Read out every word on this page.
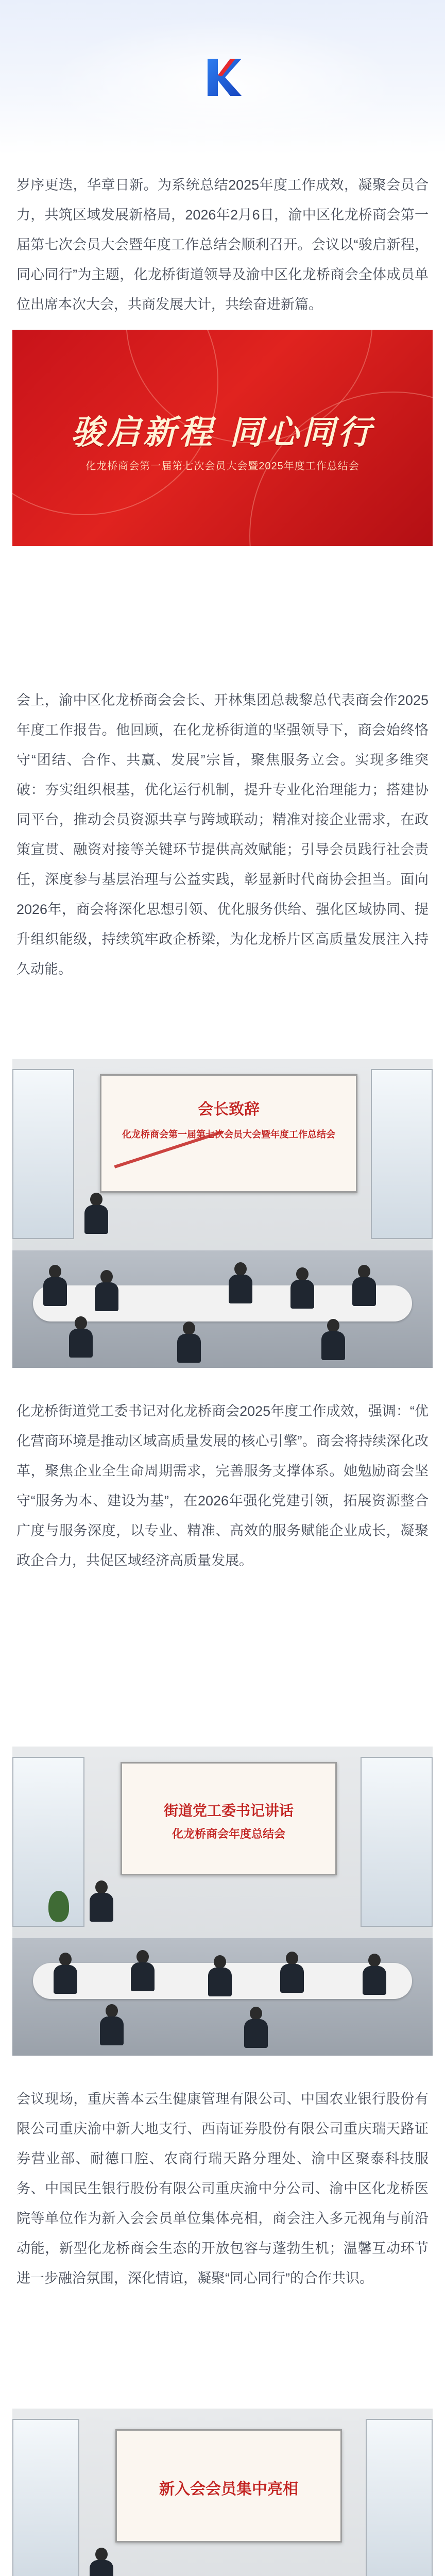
岁序更迭，华章日新。为系统总结2025年度工作成效，凝聚会员合力，共筑区域发展新格局，2026年2月6日，渝中区化龙桥商会第一届第七次会员大会暨年度工作总结会顺利召开。会议以“骏启新程，同心同行”为主题，化龙桥街道领导及渝中区化龙桥商会全体成员单位出席本次大会，共商发展大计，共绘奋进新篇。

骏启新程 同心同行
化龙桥商会第一届第七次会员大会暨2025年度工作总结会

会上，渝中区化龙桥商会会长、开林集团总裁黎总代表商会作2025年度工作报告。他回顾，在化龙桥街道的坚强领导下，商会始终恪守“团结、合作、共赢、发展”宗旨，聚焦服务立会。实现多维突破：夯实组织根基，优化运行机制，提升专业化治理能力；搭建协同平台，推动会员资源共享与跨域联动；精准对接企业需求，在政策宣贯、融资对接等关键环节提供高效赋能；引导会员践行社会责任，深度参与基层治理与公益实践，彰显新时代商协会担当。面向2026年，商会将深化思想引领、优化服务供给、强化区域协同、提升组织能级，持续筑牢政企桥梁，为化龙桥片区高质量发展注入持久动能。

会长致辞
化龙桥商会第一届第七次会员大会暨年度工作总结会

化龙桥街道党工委书记对化龙桥商会2025年度工作成效，强调：“优化营商环境是推动区域高质量发展的核心引擎”。商会将持续深化改革，聚焦企业全生命周期需求，完善服务支撑体系。她勉励商会坚守“服务为本、建设为基”，在2026年强化党建引领，拓展资源整合广度与服务深度，以专业、精准、高效的服务赋能企业成长，凝聚政企合力，共促区域经济高质量发展。

街道党工委书记讲话
化龙桥商会年度总结会

会议现场，重庆善本云生健康管理有限公司、中国农业银行股份有限公司重庆渝中新大地支行、西南证券股份有限公司重庆瑞天路证券营业部、耐德口腔、农商行瑞天路分理处、渝中区聚泰科技服务、中国民生银行股份有限公司重庆渝中分公司、渝中区化龙桥医院等单位作为新入会会员单位集体亮相，商会注入多元视角与前沿动能，新型化龙桥商会生态的开放包容与蓬勃生机；温馨互动环节进一步融洽氛围，深化情谊，凝聚“同心同行”的合作共识。

新入会会员集中亮相
